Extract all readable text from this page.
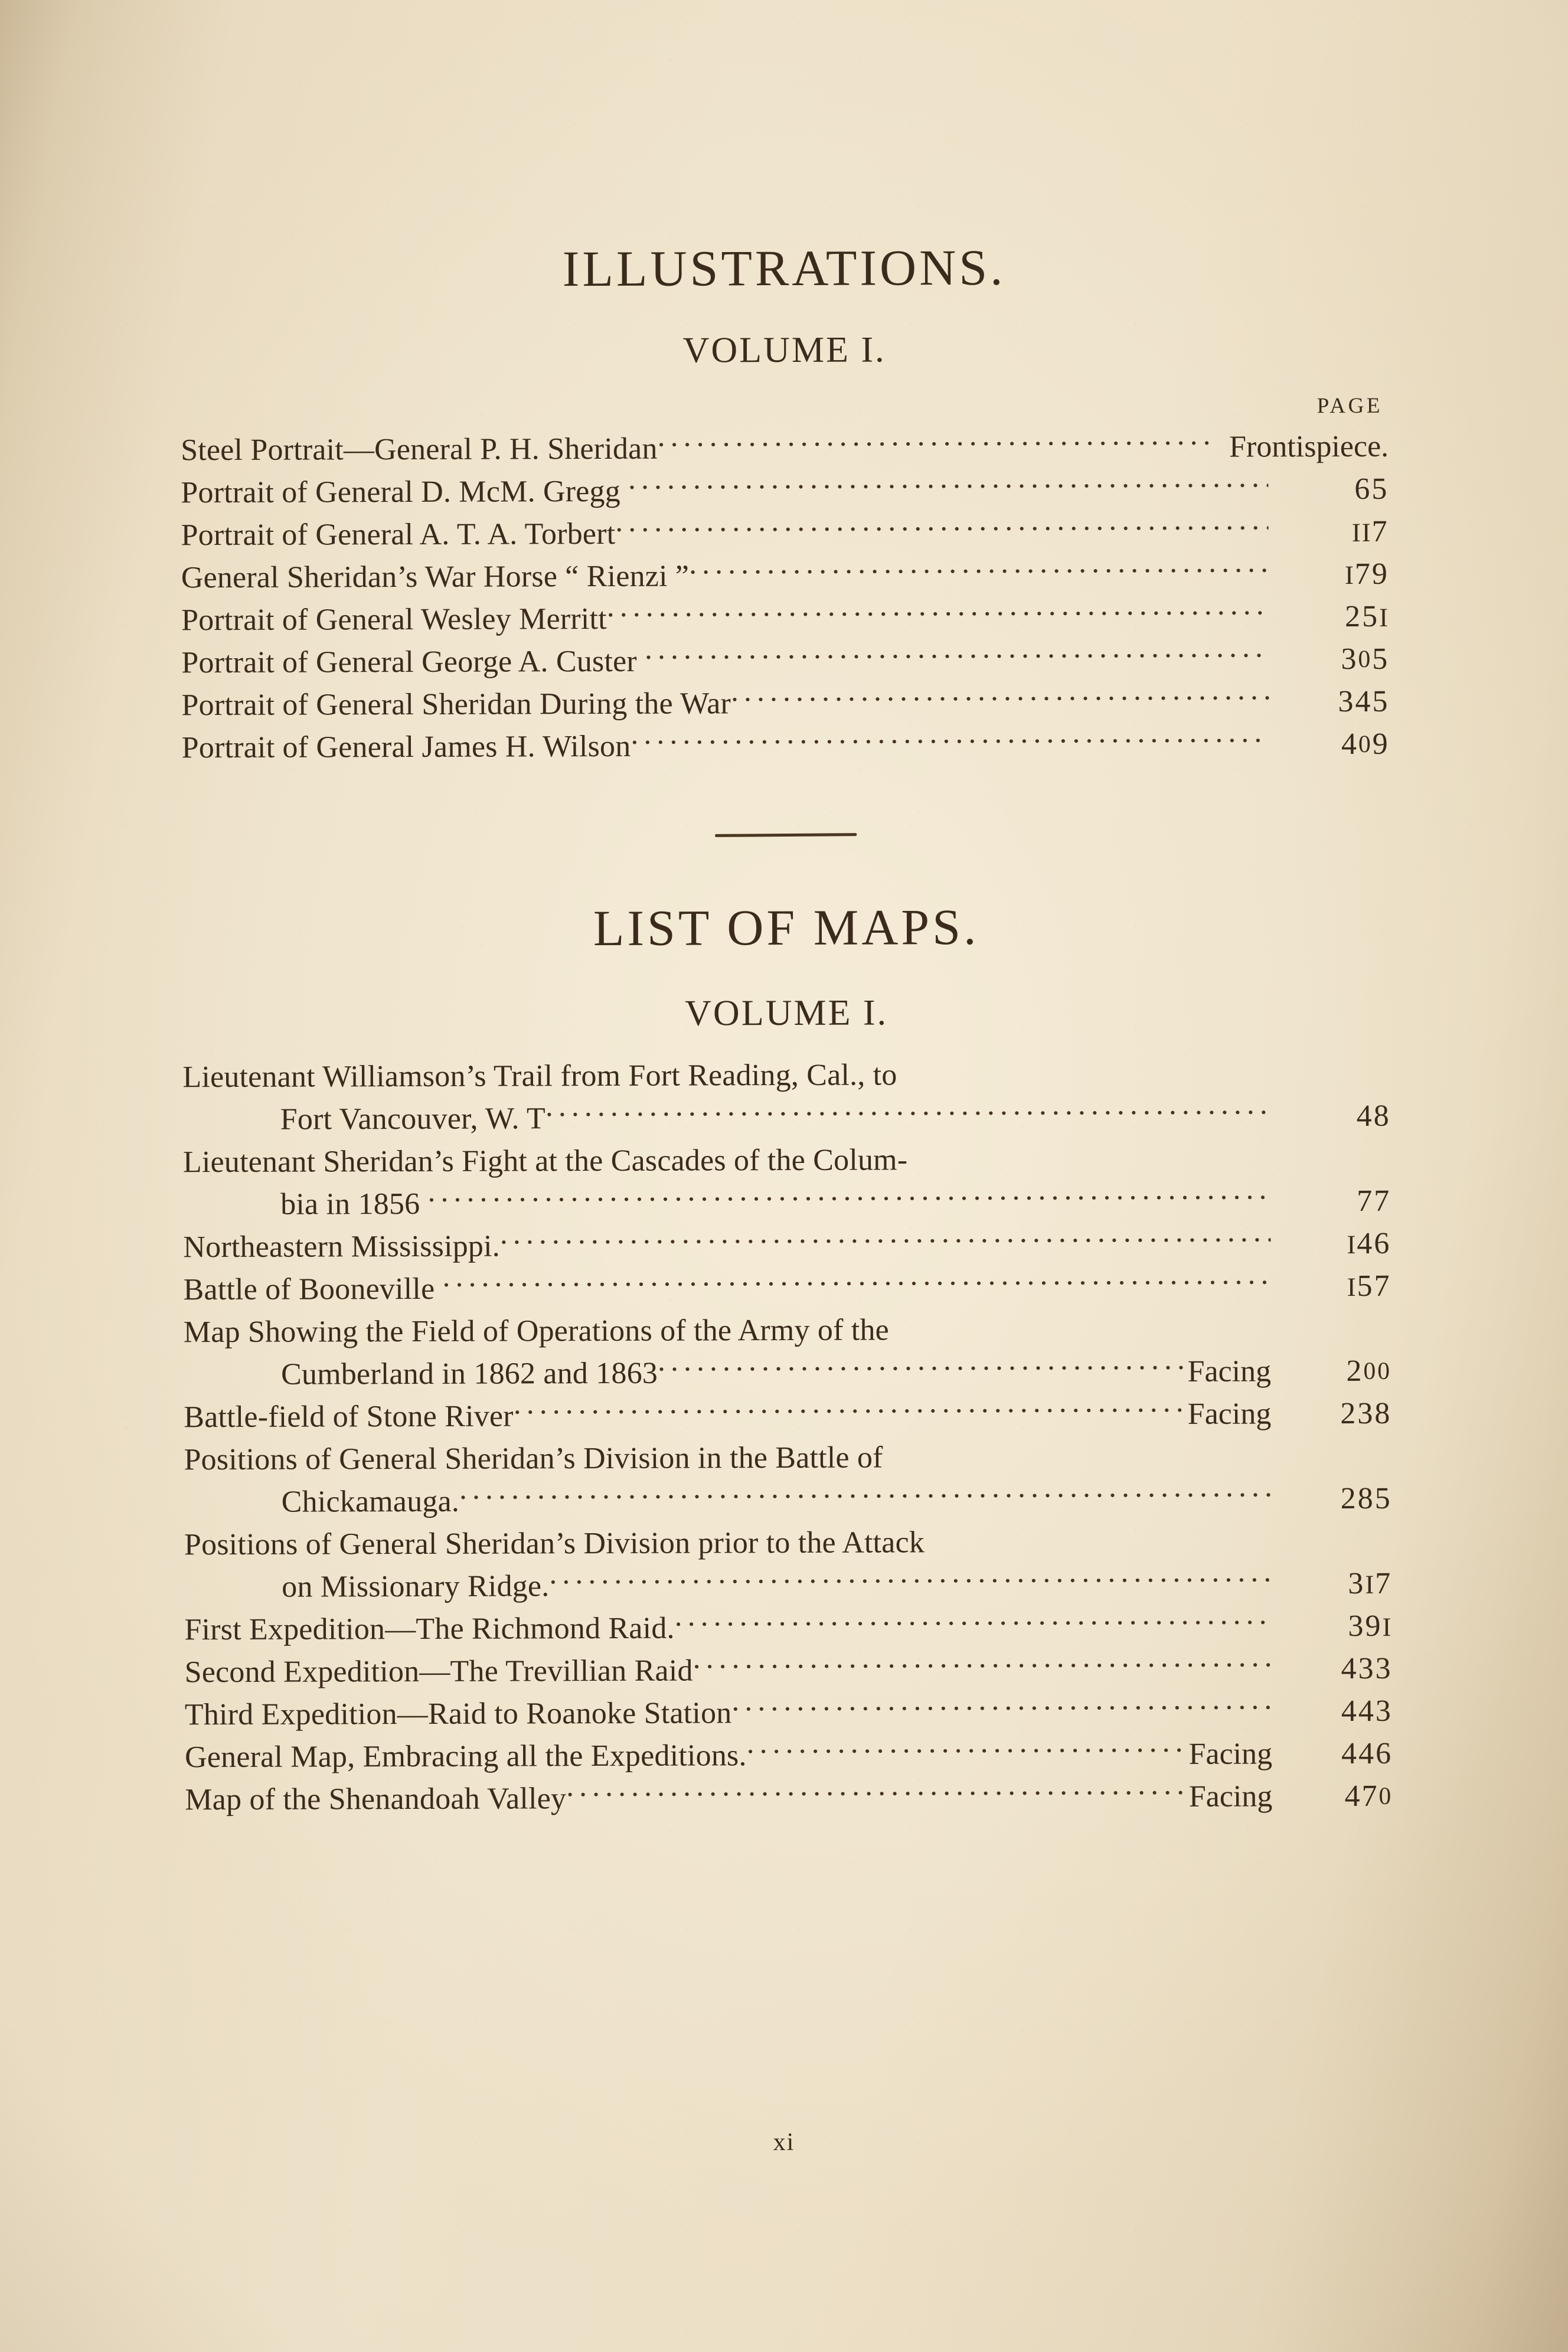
ILLUSTRATIONS.
VOLUME I.
PAGE
Steel Portrait—General P. H. Sheridan .....	Frontispiece.
Portrait of General D. McM. Gregg .....	65
Portrait of General A. T. A. Torbert .....	II7
General Sheridan’s War Horse “ Rienzi ” .....	I79
Portrait of General Wesley Merritt .....	25I
Portrait of General George A. Custer .....	305
Portrait of General Sheridan During the War .....	345
Portrait of General James H. Wilson .....	409
LIST OF MAPS.
VOLUME I.
Lieutenant Williamson’s Trail from Fort Reading, Cal., to
Fort Vancouver, W. T .....	48
Lieutenant Sheridan’s Fight at the Cascades of the Colum-
bia in 1856 .....	77
Northeastern Mississippi. .....	I46
Battle of Booneville .....	I57
Map Showing the Field of Operations of the Army of the
Cumberland in 1862 and 1863 .....	Facing	200
Battle-field of Stone River .....	Facing	238
Positions of General Sheridan’s Division in the Battle of
Chickamauga. .....	285
Positions of General Sheridan’s Division prior to the Attack
on Missionary Ridge. .....	3I7
First Expedition—The Richmond Raid. .....	39I
Second Expedition—The Trevillian Raid .....	433
Third Expedition—Raid to Roanoke Station .....	443
General Map, Embracing all the Expeditions. .....	Facing	446
Map of the Shenandoah Valley .....	Facing	470
xi
